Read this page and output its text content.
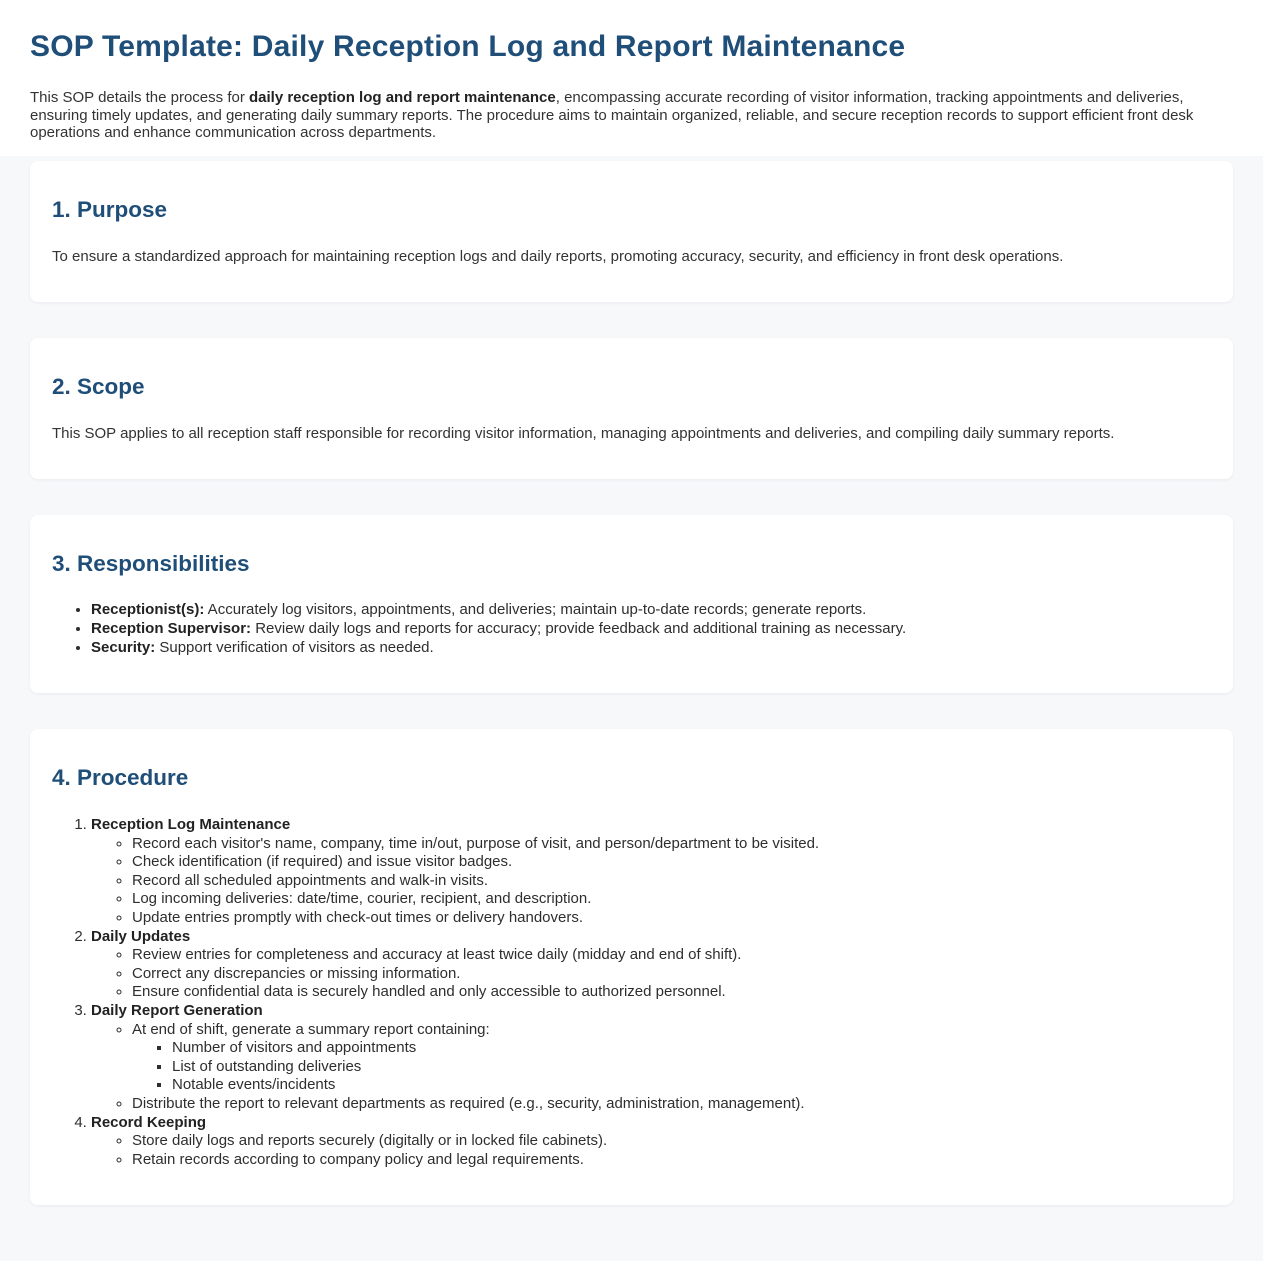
SOP Template: Daily Reception Log and Report Maintenance

This SOP details the process for daily reception log and report maintenance, encompassing accurate recording of visitor information, tracking appointments and deliveries, ensuring timely updates, and generating daily summary reports. The procedure aims to maintain organized, reliable, and secure reception records to support efficient front desk operations and enhance communication across departments.

1. Purpose

To ensure a standardized approach for maintaining reception logs and daily reports, promoting accuracy, security, and efficiency in front desk operations.

2. Scope

This SOP applies to all reception staff responsible for recording visitor information, managing appointments and deliveries, and compiling daily summary reports.

3. Responsibilities
• Receptionist(s): Accurately log visitors, appointments, and deliveries; maintain up-to-date records; generate reports.
• Reception Supervisor: Review daily logs and reports for accuracy; provide feedback and additional training as necessary.
• Security: Support verification of visitors as needed.
4. Procedure
1. Reception Log Maintenance
◦ Record each visitor's name, company, time in/out, purpose of visit, and person/department to be visited.
◦ Check identification (if required) and issue visitor badges.
◦ Record all scheduled appointments and walk-in visits.
◦ Log incoming deliveries: date/time, courier, recipient, and description.
◦ Update entries promptly with check-out times or delivery handovers.
2. Daily Updates
◦ Review entries for completeness and accuracy at least twice daily (midday and end of shift).
◦ Correct any discrepancies or missing information.
◦ Ensure confidential data is securely handled and only accessible to authorized personnel.
3. Daily Report Generation
◦ At end of shift, generate a summary report containing:
▪ Number of visitors and appointments
▪ List of outstanding deliveries
▪ Notable events/incidents
◦ Distribute the report to relevant departments as required (e.g., security, administration, management).
4. Record Keeping
◦ Store daily logs and reports securely (digitally or in locked file cabinets).
◦ Retain records according to company policy and legal requirements.
